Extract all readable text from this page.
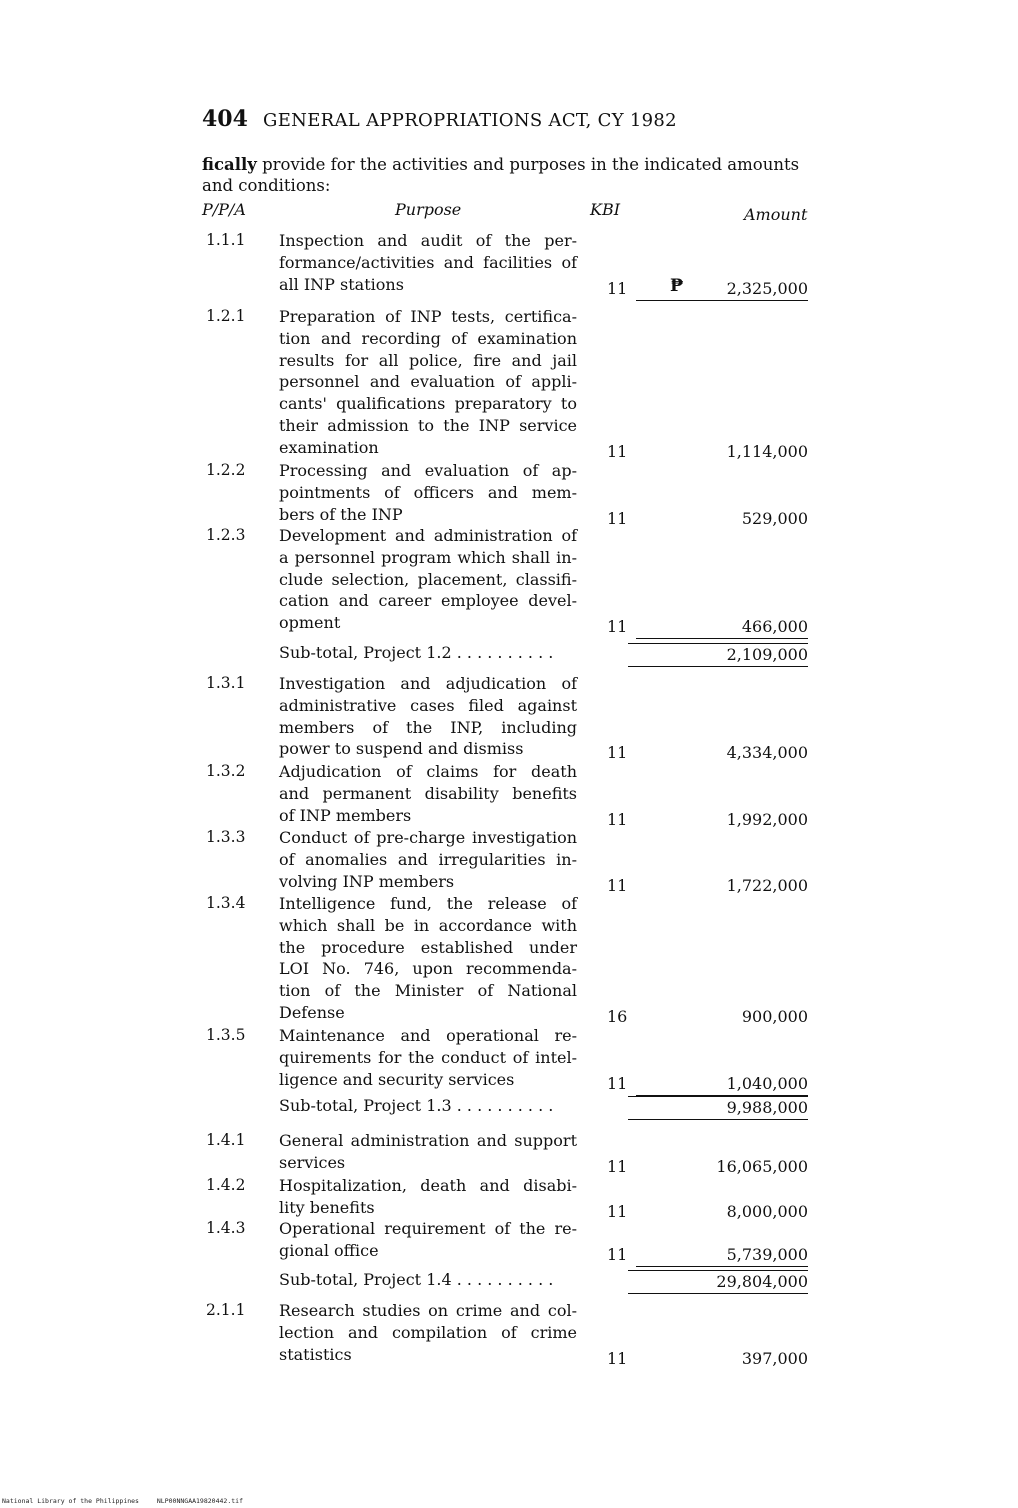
404 GENERAL APPROPRIATIONS ACT, CY 1982
fically provide for the activities and purposes in the indicated amounts
and conditions:
P/P/A	Purpose	KBI	Amount
₱
1.1.1 Inspection and audit of the per-
formance/activities and facilities of
all INP stations	11	2,325,000
1.2.1 Preparation of INP tests, certifica-
tion and recording of examination
results for all police, fire and jail
personnel and evaluation of appli-
cants' qualifications preparatory to
their admission to the INP service
examination	11	1,114,000
1.2.2 Processing and evaluation of ap-
pointments of officers and mem-
bers of the INP	11	529,000
1.2.3 Development and administration of
a personnel program which shall in-
clude selection, placement, classifi-
cation and career employee devel-
opment	11	466,000
Sub-total, Project 1.2 . . . . . . . . . .	2,109,000
1.3.1 Investigation and adjudication of
administrative cases filed against
members of the INP, including
power to suspend and dismiss	11	4,334,000
1.3.2 Adjudication of claims for death
and permanent disability benefits
of INP members	11	1,992,000
1.3.3 Conduct of pre-charge investigation
of anomalies and irregularities in-
volving INP members	11	1,722,000
1.3.4 Intelligence fund, the release of
which shall be in accordance with
the procedure established under
LOI No. 746, upon recommenda-
tion of the Minister of National
Defense	16	900,000
1.3.5 Maintenance and operational re-
quirements for the conduct of intel-
ligence and security services	11	1,040,000
Sub-total, Project 1.3 . . . . . . . . . .	9,988,000
1.4.1 General administration and support
services	11	16,065,000
1.4.2 Hospitalization, death and disabi-
lity benefits	11	8,000,000
1.4.3 Operational requirement of the re-
gional office	11	5,739,000
Sub-total, Project 1.4 . . . . . . . . . .	29,804,000
2.1.1 Research studies on crime and col-
lection and compilation of crime
statistics	11	397,000
National Library of the Philippines	NLP00NNGAA19820442.tif
